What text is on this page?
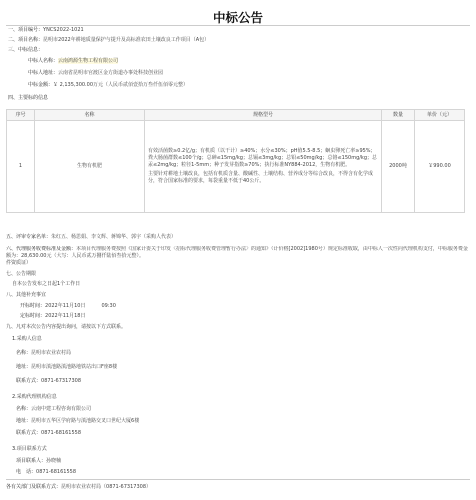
中标公告
一、项目编号：YNCS2022-1021
二、项目名称：昆明市2022年耕地质量保护与提升及高标准农田土壤改良工作项目（A包）
三、中标信息：
中标人名称：云南鸿源生物工程有限公司
中标人地址：云南省昆明市官渡区金方街道办事处科技创业园
中标金额：￥ 2,135,300.00万元（人民币贰佰壹拾万叁仟伍佰零元整）
四、主要标的信息
序号	名称	规格型号	数量	单价（元）
1	生物有机肥	有效活菌数≥0.2亿/g；有机质（以干计）≥40%；水分≤30%；pH值5.5-8.5；蛔虫卵死亡率≥95%；粪大肠菌群数≤100个/g；总砷≤15mg/kg；总镉≤3mg/kg；总铅≤50mg/kg；总铬≤150mg/kg；总汞≤2mg/kg；粒径1-5mm；种子发芽指数≥70%；执行标准NY884-2012，生物有机肥。
主要针对耕地土壤改良，包括有机质含量、酸碱性、土壤结构、营养成分等综合改良，不得含有化学成分，符合国家标准的要求，每袋重量不低于40公斤。	2000吨	￥990.00
五、评审专家名单：朱红五、杨思娟、李文辉、蒋锦华、郭宇（采购人代表）
六、代理服务收费标准及金额：本项目代理服务费按照《国家计委关于印发〈招标代理服务收费管理暂行办法〉的通知》（计价格[2002]1980号）规定标准收取，由中标人一次性向代理机构支付，中标服务费金额为：28,630.00元（大写：人民币贰万捌仟陆佰叁拾元整）。
件资质证）
七、公告期限
自本公告发布之日起1个工作日
八、其他补充事宜
开标时间：2022年11月10日	09:30
定标时间：2022年11月18日
九、凡对本次公告内容提出询问，请按以下方式联系。
1.采购人信息
名称：昆明市农业农村局
地址：昆明市滇池路滇池路地铁站出口F座8楼
联系方式：0871-67317308
2.采购代理机构信息
名称：云南中建工程咨询有限公司
地址：昆明市五华区学府路与滇池路交叉口世纪大厦6楼
联系方式：0871-68161558
3.项目联系方式
项目联系人：孙晓楠
电　话：0871-68161558
各有关部门及联系方式：昆明市农业农村局（0871-67317308）
